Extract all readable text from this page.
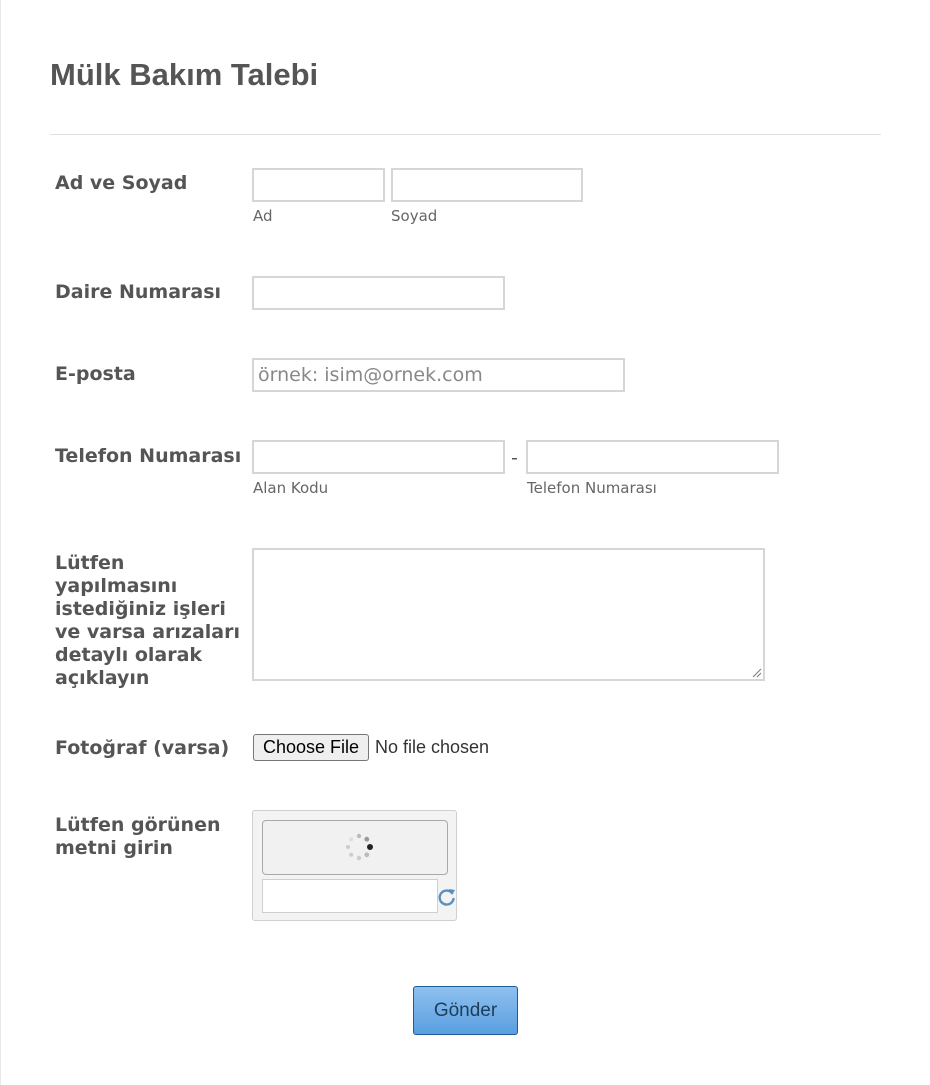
Mülk Bakım Talebi
Ad ve Soyad
Ad	Soyad
Daire Numarası
E-posta	örnek: isim@ornek.com
Telefon Numarası	-
Alan Kodu	Telefon Numarası
Lütfen yapılmasını istediğiniz işleri ve varsa arızaları detaylı olarak açıklayın
Fotoğraf (varsa)	Choose File No file chosen
Lütfen görünen metni girin
Gönder
